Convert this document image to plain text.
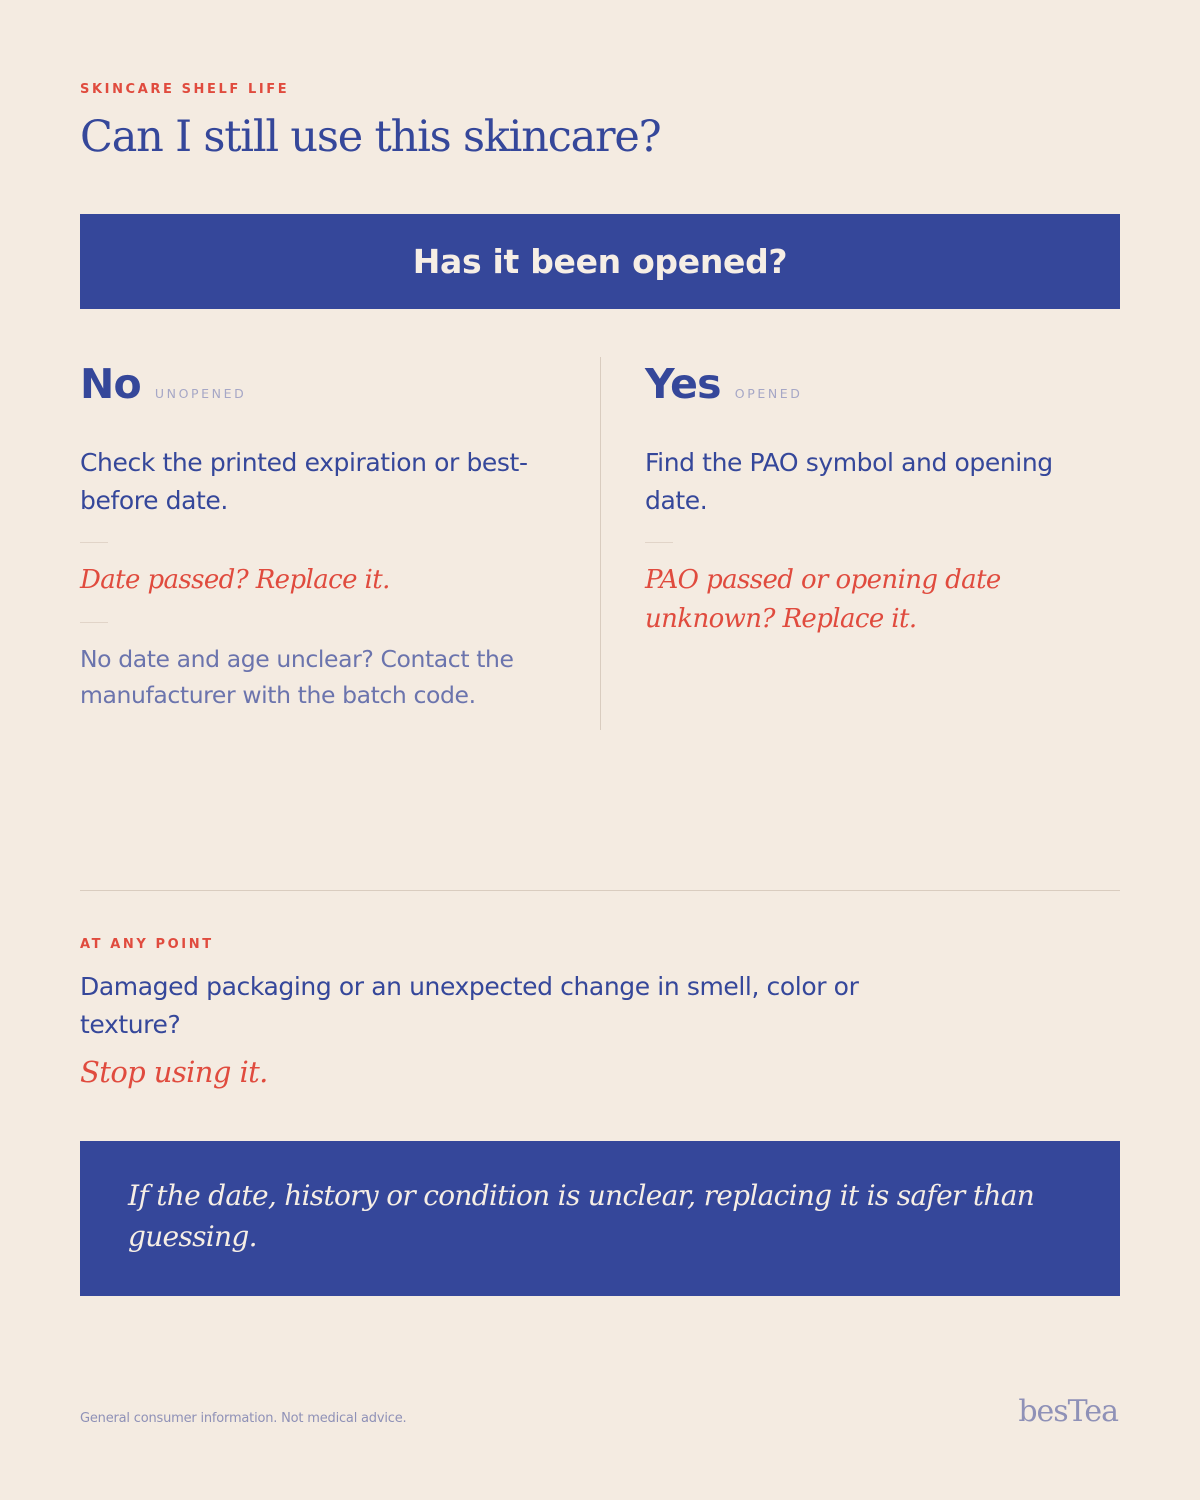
SKINCARE SHELF LIFE
Can I still use this skincare?
Has it been opened?
No UNOPENED
Check the printed expiration or best-before date.
Date passed? Replace it.
No date and age unclear? Contact the manufacturer with the batch code.
Yes OPENED
Find the PAO symbol and opening date.
PAO passed or opening date unknown? Replace it.
AT ANY POINT
Damaged packaging or an unexpected change in smell, color or texture?
Stop using it.
If the date, history or condition is unclear, replacing it is safer than guessing.
General consumer information. Not medical advice.	besTea
